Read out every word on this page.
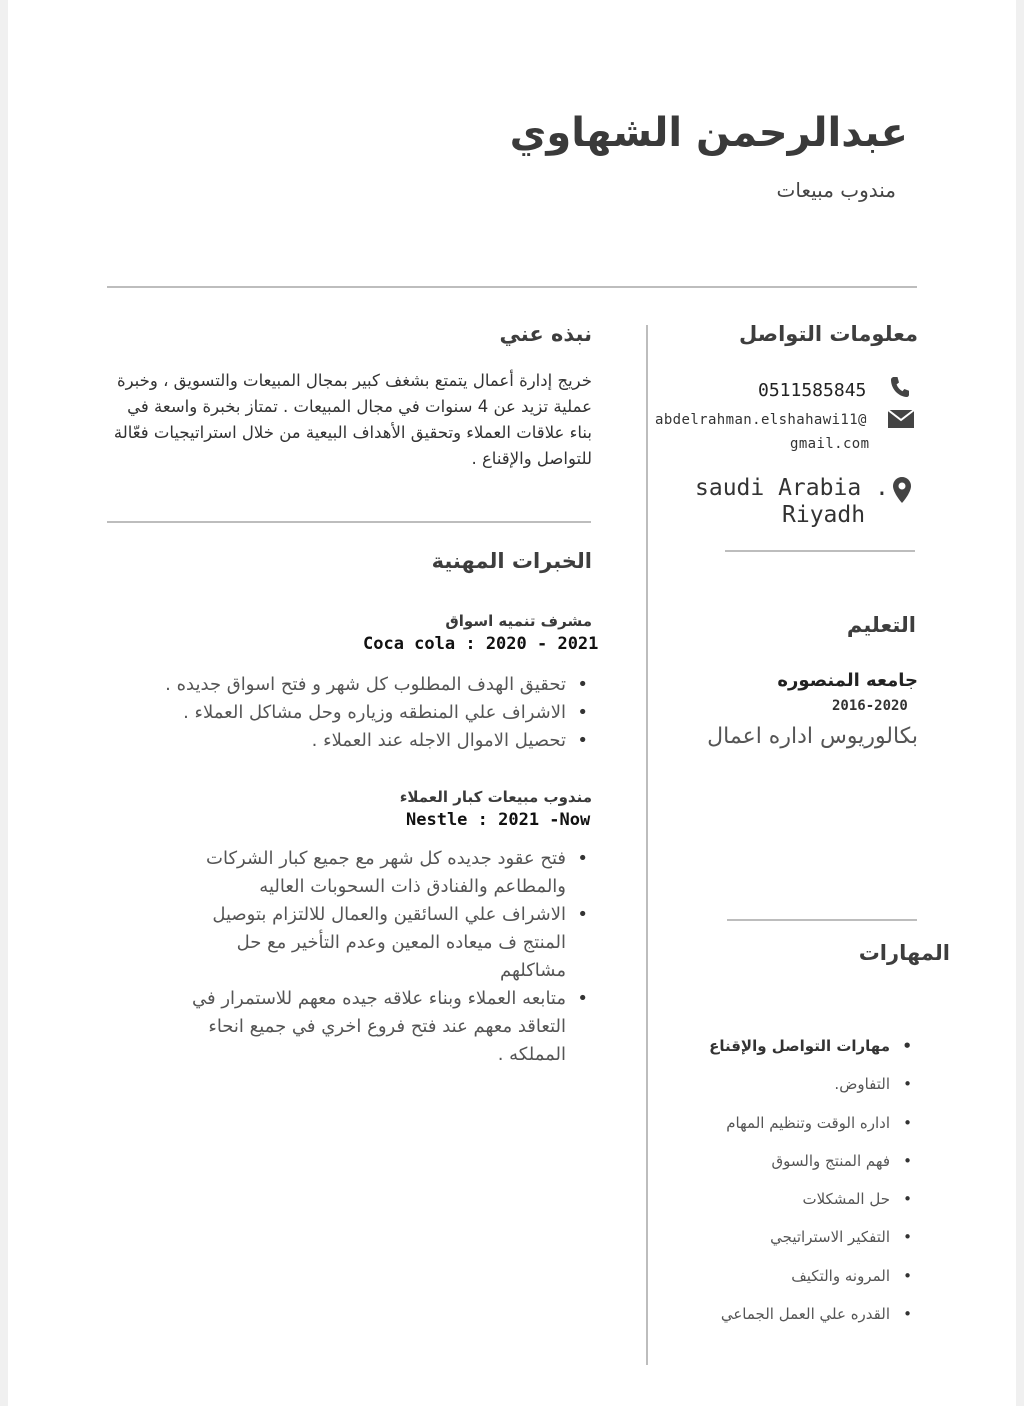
عبدالرحمن الشهاوي
مندوب مبيعات
معلومات التواصل
0511585845
abdelrahman.elshahawi11@
gmail.com
saudi Arabia .
Riyadh
التعليم
جامعه المنصوره
2016-2020
بكالوريوس اداره اعمال
المهارات
• مهارات التواصل والإقناع
• التفاوض.
• اداره الوقت وتنظيم المهام
• فهم المنتج والسوق
• حل المشكلات
• التفكير الاستراتيجي
• المرونه والتكيف
• القدره علي العمل الجماعي
نبذه عني
خريج إدارة أعمال يتمتع بشغف كبير بمجال المبيعات والتسويق ، وخبرة عملية تزيد عن 4 سنوات في مجال المبيعات . تمتاز بخبرة واسعة في بناء علاقات العملاء وتحقيق الأهداف البيعية من خلال استراتيجيات فعّالة للتواصل والإقناع .
الخبرات المهنية
مشرف تنميه اسواق
Coca cola : 2020 - 2021
• تحقيق الهدف المطلوب كل شهر و فتح اسواق جديده .
• الاشراف علي المنطقه وزياره وحل مشاكل العملاء .
• تحصيل الاموال الاجله عند العملاء .
مندوب مبيعات كبار العملاء
Nestle : 2021 -Now
• فتح عقود جديده كل شهر مع جميع كبار الشركات والمطاعم والفنادق ذات السحوبات العاليه
• الاشراف علي السائقين والعمال للالتزام بتوصيل المنتج ف ميعاده المعين وعدم التأخير مع حل مشاكلهم
• متابعه العملاء وبناء علاقه جيده معهم للاستمرار في التعاقد معهم عند فتح فروع اخري في جميع انحاء المملكه .
